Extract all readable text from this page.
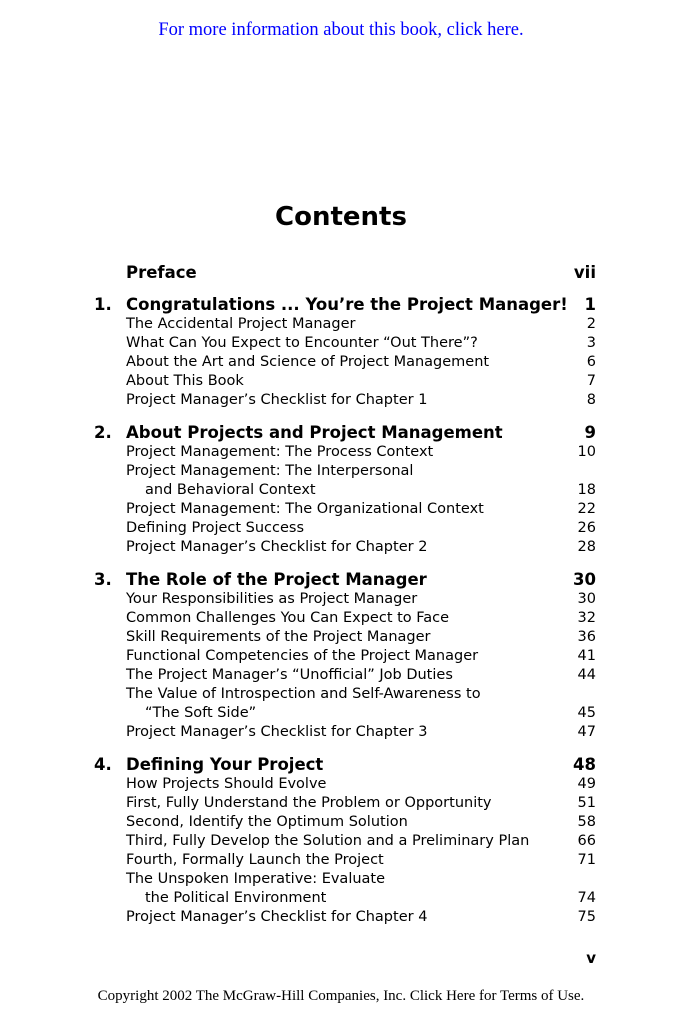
For more information about this book, click here.
Contents
Preface	vii
1. Congratulations ... You’re the Project Manager! 1
The Accidental Project Manager	2
What Can You Expect to Encounter “Out There”?	3
About the Art and Science of Project Management	6
About This Book	7
Project Manager’s Checklist for Chapter 1	8
2. About Projects and Project Management	9
Project Management: The Process Context	10
Project Management: The Interpersonal
and Behavioral Context	18
Project Management: The Organizational Context	22
Defining Project Success	26
Project Manager’s Checklist for Chapter 2	28
3. The Role of the Project Manager	30
Your Responsibilities as Project Manager	30
Common Challenges You Can Expect to Face	32
Skill Requirements of the Project Manager	36
Functional Competencies of the Project Manager	41
The Project Manager’s “Unofficial” Job Duties	44
The Value of Introspection and Self-Awareness to
“The Soft Side”	45
Project Manager’s Checklist for Chapter 3	47
4. Defining Your Project	48
How Projects Should Evolve	49
First, Fully Understand the Problem or Opportunity	51
Second, Identify the Optimum Solution	58
Third, Fully Develop the Solution and a Preliminary Plan	66
Fourth, Formally Launch the Project	71
The Unspoken Imperative: Evaluate
the Political Environment	74
Project Manager’s Checklist for Chapter 4	75
v
Copyright 2002 The McGraw-Hill Companies, Inc. Click Here for Terms of Use.
